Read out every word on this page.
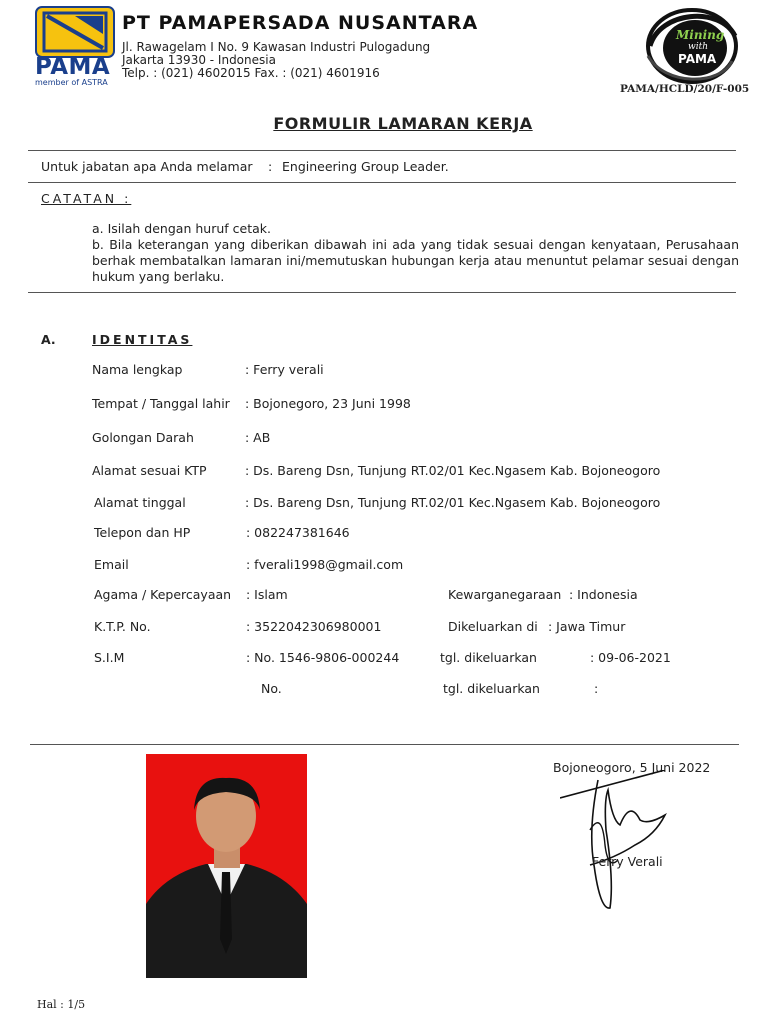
PAMA
member of ASTRA
PT PAMAPERSADA NUSANTARA
Jl. Rawagelam I No. 9 Kawasan Industri Pulogadung
Jakarta 13930 - Indonesia
Telp. : (021) 4602015 Fax. : (021) 4601916
Mining
with
PAMA
PAMA/HCLD/20/F-005
FORMULIR LAMARAN KERJA
Untuk jabatan apa Anda melamar : Engineering Group Leader.
CATATAN :
a. Isilah dengan huruf cetak.
b. Bila keterangan yang diberikan dibawah ini ada yang tidak sesuai dengan kenyataan, Perusahaan berhak membatalkan lamaran ini/memutuskan hubungan kerja atau menuntut pelamar sesuai dengan hukum yang berlaku.
A.	IDENTITAS
Nama lengkap	: Ferry verali
Tempat / Tanggal lahir : Bojonegoro, 23 Juni 1998
Golongan Darah	: AB
Alamat sesuai KTP	: Ds. Bareng Dsn, Tunjung RT.02/01 Kec.Ngasem Kab. Bojoneogoro
Alamat tinggal	: Ds. Bareng Dsn, Tunjung RT.02/01 Kec.Ngasem Kab. Bojoneogoro
Telepon dan HP	: 082247381646
Email	: fverali1998@gmail.com
Agama / Kepercayaan : Islam	Kewarganegaraan : Indonesia
K.T.P. No.	: 3522042306980001	Dikeluarkan di : Jawa Timur
S.I.M	: No. 1546-9806-000244	tgl. dikeluarkan	: 09-06-2021
No.	tgl. dikeluarkan	:
Bojoneogoro, 5 Juni 2022
Ferry Verali
Hal : 1/5
